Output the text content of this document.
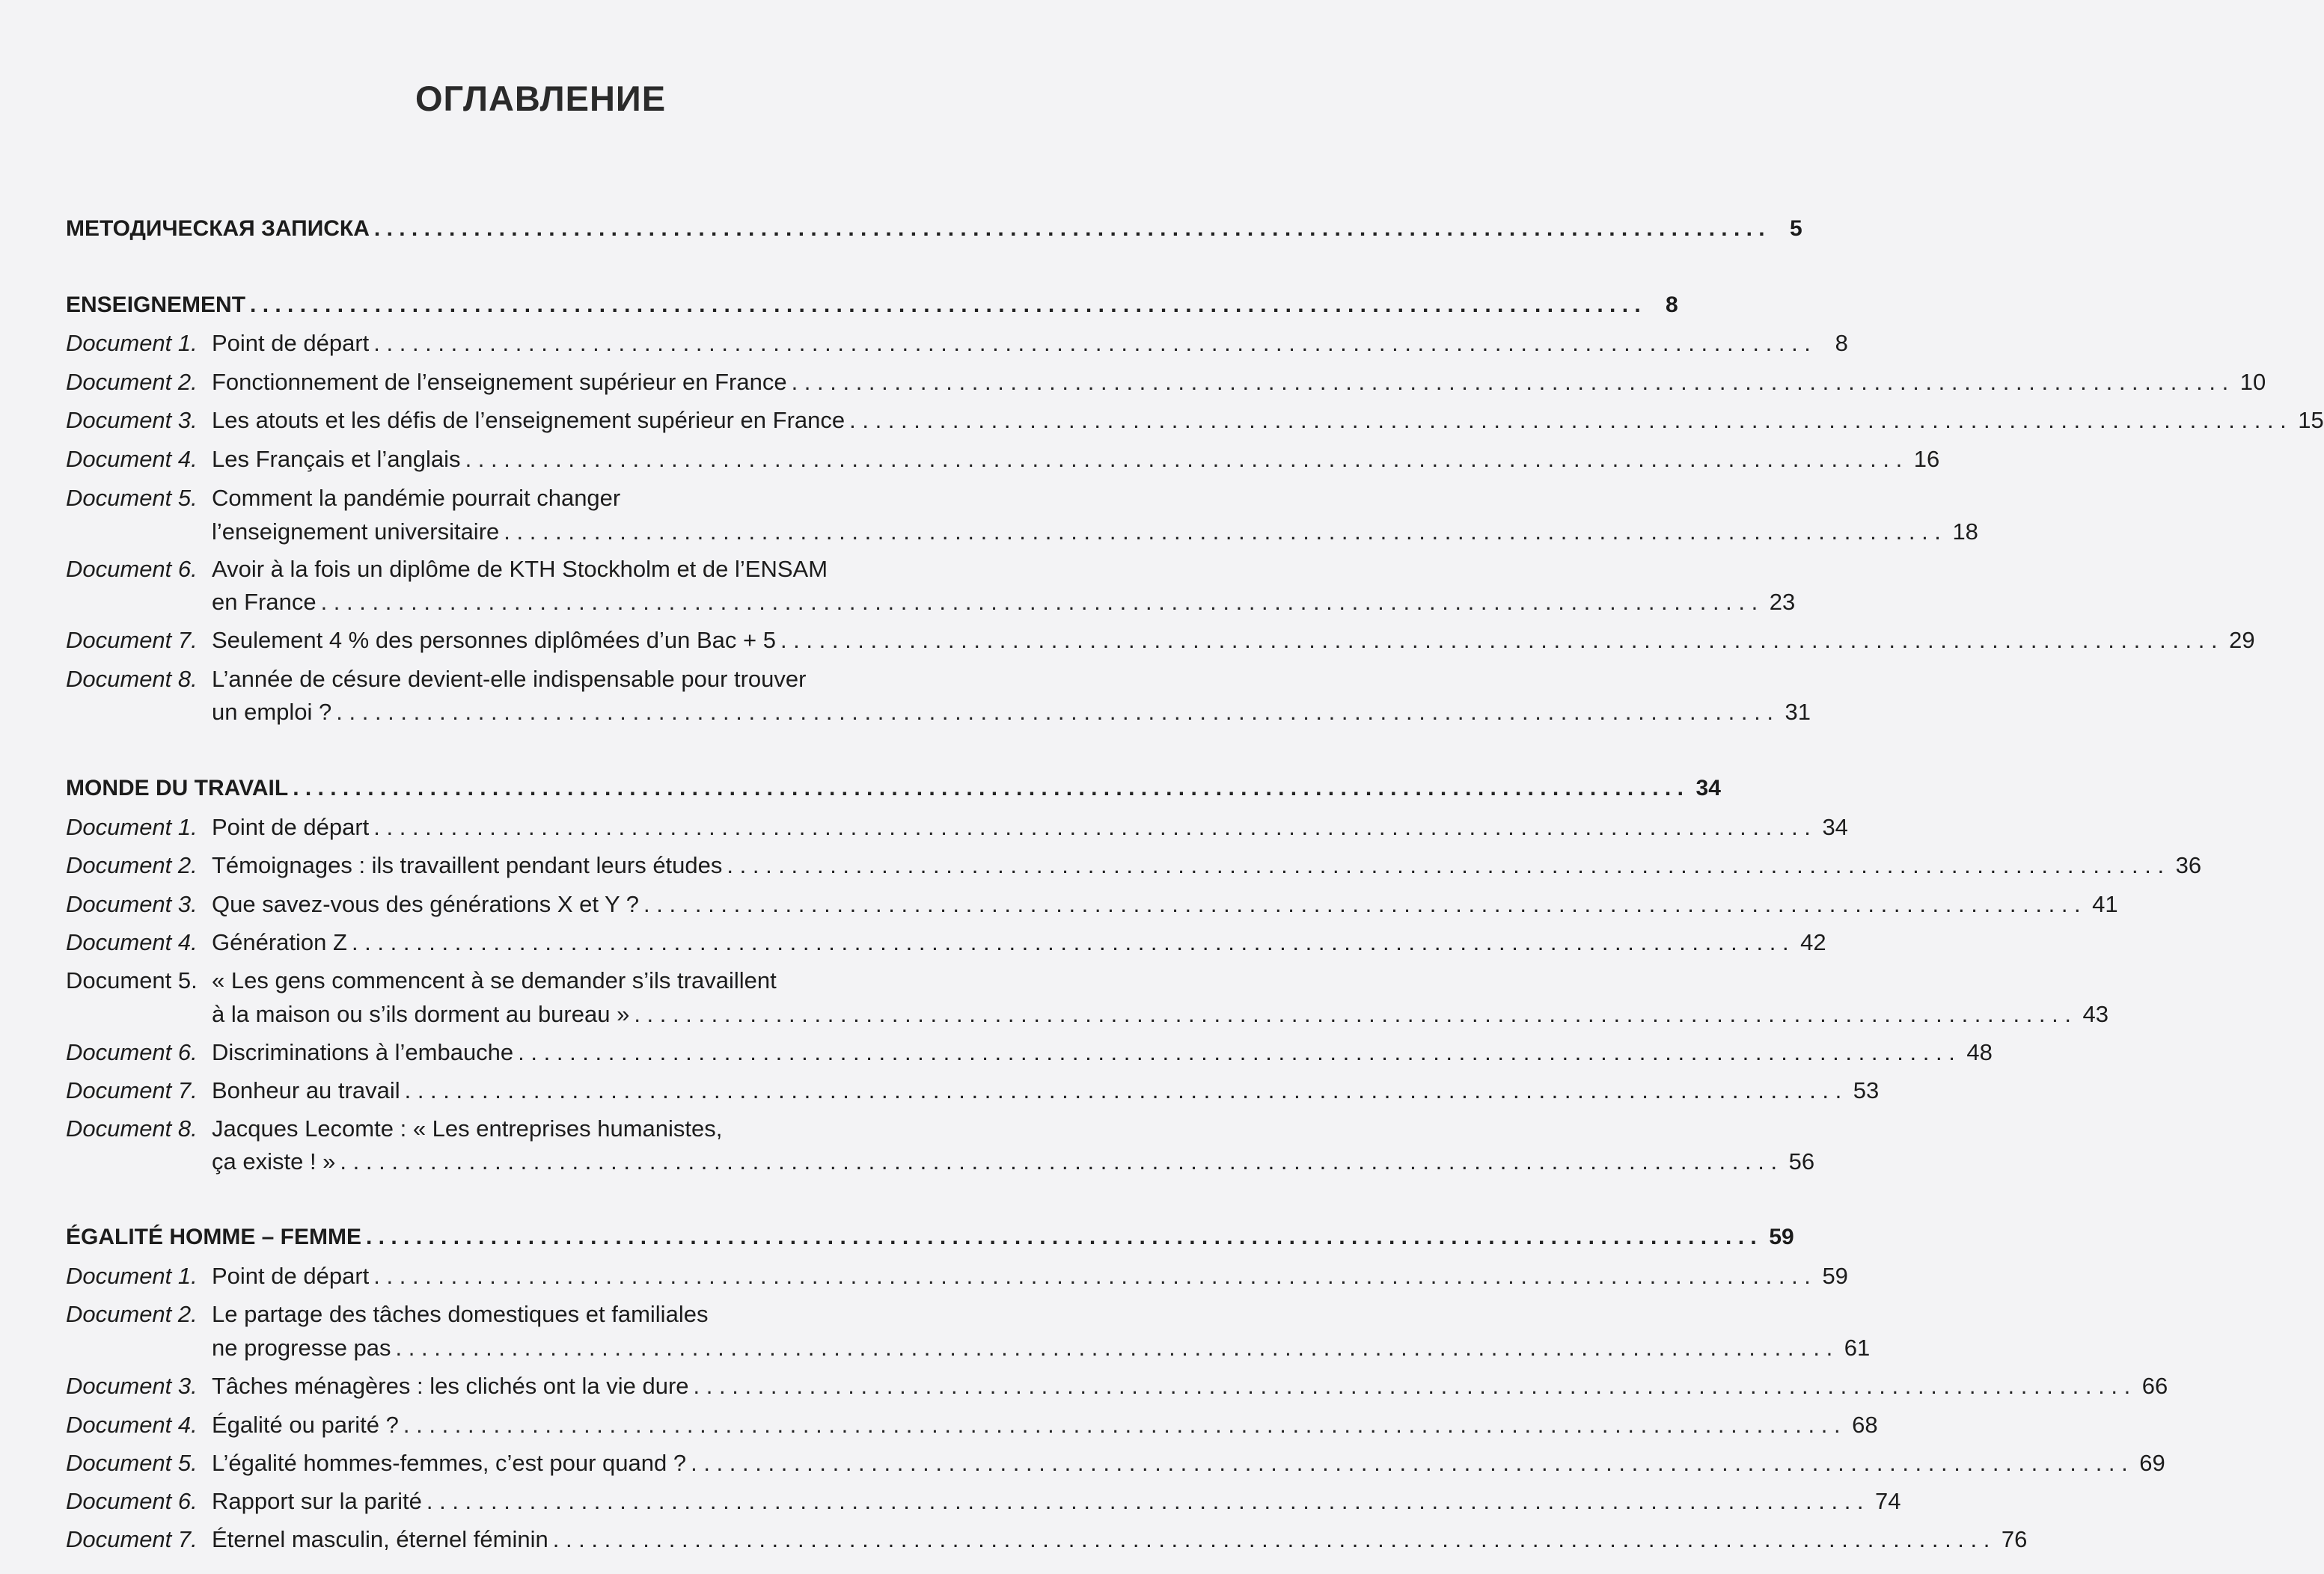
ОГЛАВЛЕНИЕ
МЕТОДИЧЕСКАЯ ЗАПИСКА . . .	5
ENSEIGNEMENT . . .	8
Document 1. Point de départ . . .	8
Document 2. Fonctionnement de l’enseignement supérieur en France . . .	10
Document 3. Les atouts et les défis de l’enseignement supérieur en France . . .	15
Document 4. Les Français et l’anglais . . .	16
Document 5. Comment la pandémie pourrait changer
l’enseignement universitaire . . .	18
Document 6. Avoir à la fois un diplôme de KTH Stockholm et de l’ENSAM
en France . . .	23
Document 7. Seulement 4 % des personnes diplômées d’un Bac + 5 . . .	29
Document 8. L’année de césure devient-elle indispensable pour trouver
un emploi ? . . .	31
MONDE DU TRAVAIL . . .	34
Document 1. Point de départ . . .	34
Document 2. Témoignages : ils travaillent pendant leurs études . . .	36
Document 3. Que savez-vous des générations X et Y ? . . .	41
Document 4. Génération Z . . .	42
Document 5. « Les gens commencent à se demander s’ils travaillent
à la maison ou s’ils dorment au bureau » . . .	43
Document 6. Discriminations à l’embauche . . .	48
Document 7. Bonheur au travail . . .	53
Document 8. Jacques Lecomte : « Les entreprises humanistes,
ça existe ! » . . .	56
ÉGALITÉ HOMME – FEMME . . .	59
Document 1. Point de départ . . .	59
Document 2. Le partage des tâches domestiques et familiales
ne progresse pas . . .	61
Document 3. Tâches ménagères : les clichés ont la vie dure . . .	66
Document 4. Égalité ou parité ? . . .	68
Document 5. L’égalité hommes-femmes, c’est pour quand ? . . .	69
Document 6. Rapport sur la parité . . .	74
Document 7. Éternel masculin, éternel féminin . . .	76
